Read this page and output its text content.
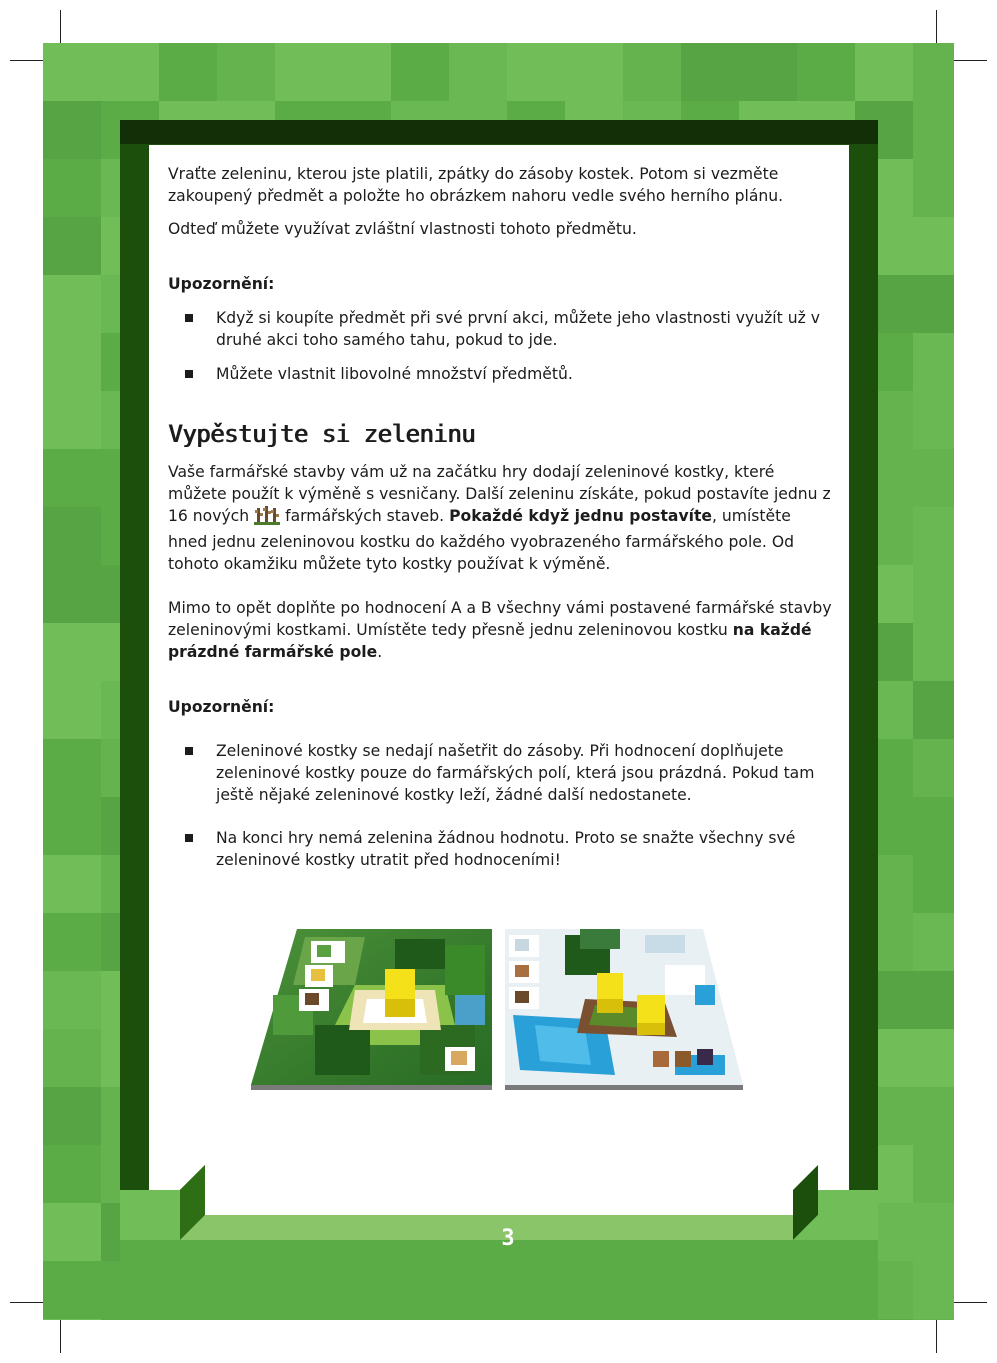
Vraťte zeleninu, kterou jste platili, zpátky do zásoby kostek. Potom si vezměte zakoupený předmět a položte ho obrázkem nahoru vedle svého herního plánu.

Odteď můžete využívat zvláštní vlastnosti tohoto předmětu.

Upozornění:

Když si koupíte předmět při své první akci, můžete jeho vlastnosti využít už v druhé akci toho samého tahu, pokud to jde.
Můžete vlastnit libovolné množství předmětů.
Vypěstujte si zeleninu

Vaše farmářské stavby vám už na začátku hry dodají zeleninové kostky, které můžete použít k výměně s vesničany. Další zeleninu získáte, pokud postavíte jednu z 16 nových farmářských staveb. Pokaždé když jednu postavíte, umístěte hned jednu zeleninovou kostku do každého vyobrazeného farmářského pole. Od tohoto okamžiku můžete tyto kostky používat k výměně.

Mimo to opět doplňte po hodnocení A a B všechny vámi postavené farmářské stavby zeleninovými kostkami. Umístěte tedy přesně jednu zeleninovou kostku na každé prázdné farmářské pole.

Upozornění:

Zeleninové kostky se nedají našetřit do zásoby. Při hodnocení doplňujete zeleninové kostky pouze do farmářských polí, která jsou prázdná. Pokud tam ještě nějaké zeleninové kostky leží, žádné další nedostanete.
Na konci hry nemá zelenina žádnou hodnotu. Proto se snažte všechny své zeleninové kostky utratit před hodnoceními!
3
